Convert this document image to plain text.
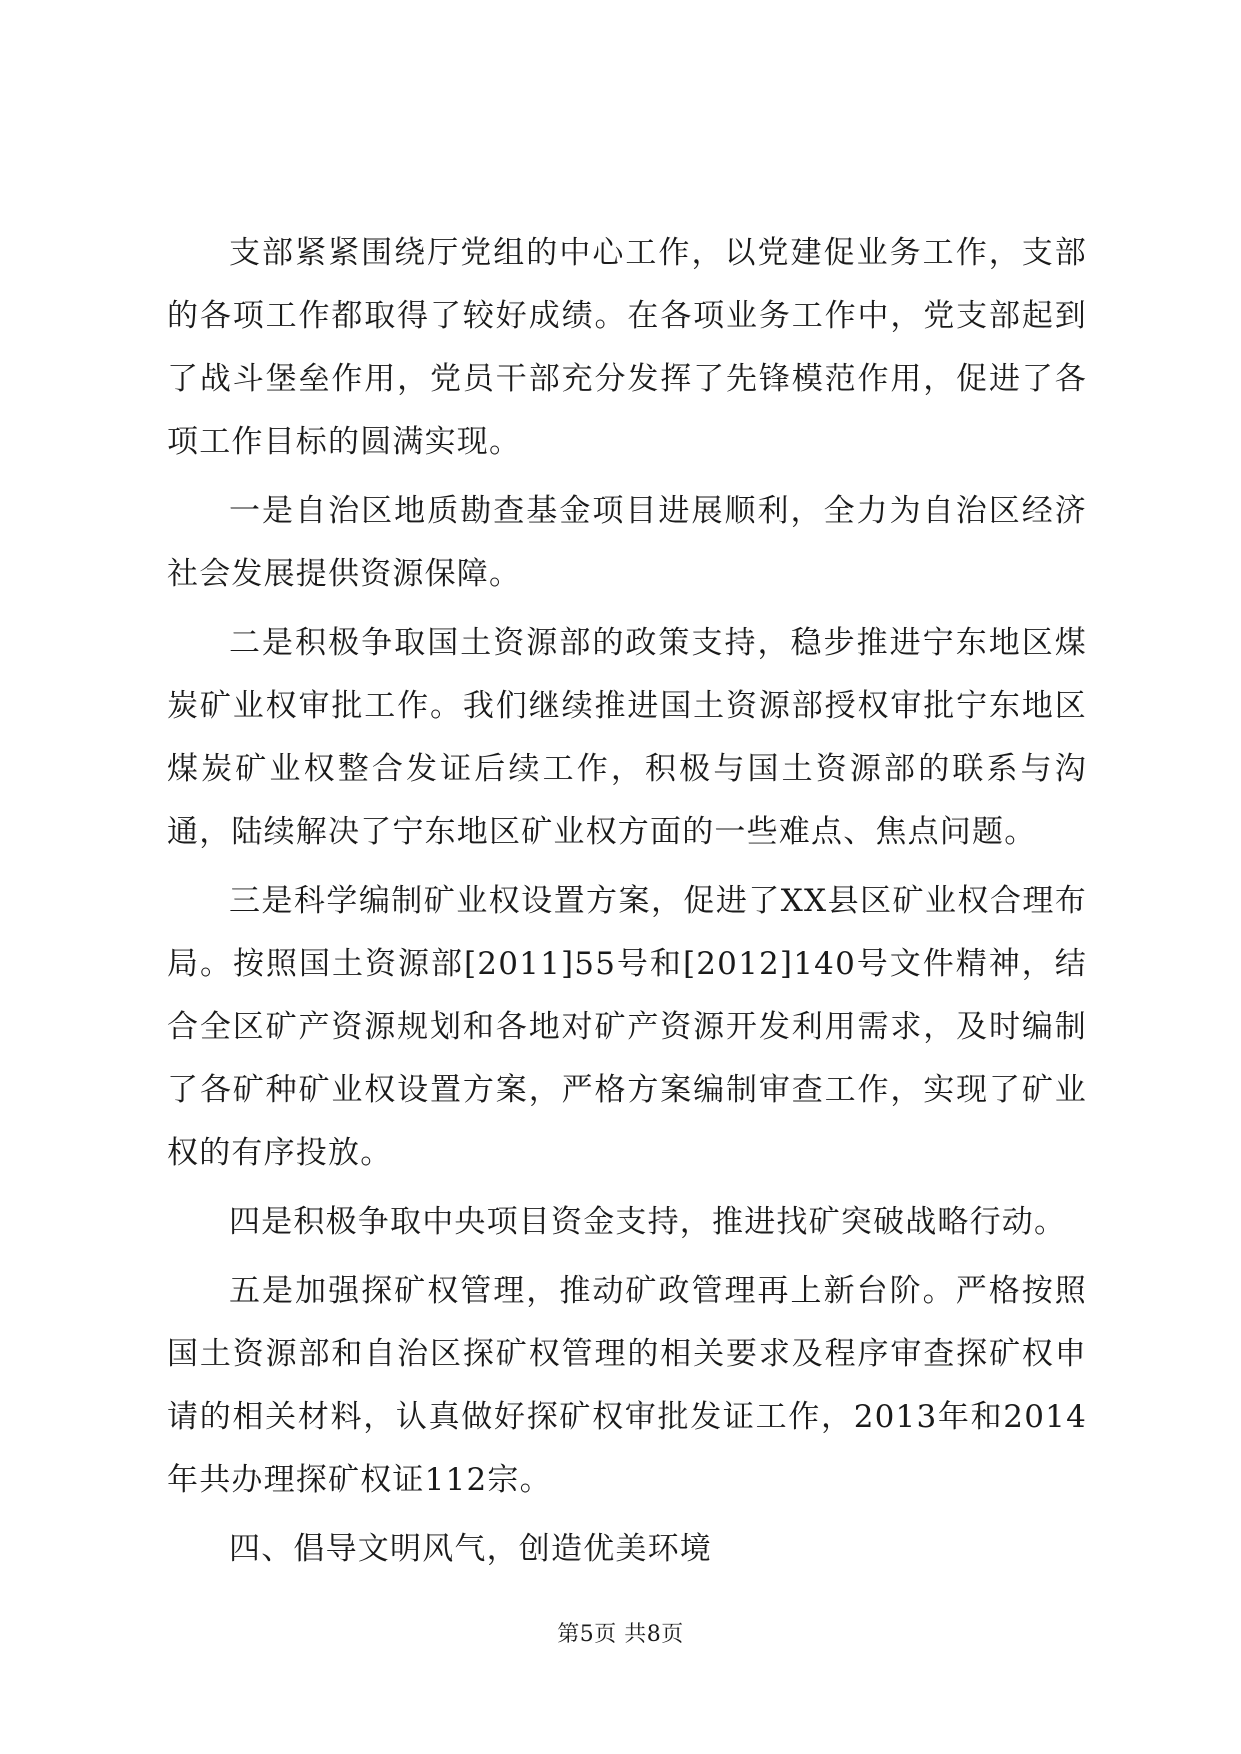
支部紧紧围绕厅党组的中心工作，以党建促业务工作，支部的各项工作都取得了较好成绩。在各项业务工作中，党支部起到了战斗堡垒作用，党员干部充分发挥了先锋模范作用，促进了各项工作目标的圆满实现。

一是自治区地质勘查基金项目进展顺利，全力为自治区经济社会发展提供资源保障。

二是积极争取国土资源部的政策支持，稳步推进宁东地区煤炭矿业权审批工作。我们继续推进国土资源部授权审批宁东地区煤炭矿业权整合发证后续工作，积极与国土资源部的联系与沟通，陆续解决了宁东地区矿业权方面的一些难点、焦点问题。

三是科学编制矿业权设置方案，促进了XX县区矿业权合理布局。按照国土资源部[2011]55号和[2012]140号文件精神，结合全区矿产资源规划和各地对矿产资源开发利用需求，及时编制了各矿种矿业权设置方案，严格方案编制审查工作，实现了矿业权的有序投放。

四是积极争取中央项目资金支持，推进找矿突破战略行动。

五是加强探矿权管理，推动矿政管理再上新台阶。严格按照国土资源部和自治区探矿权管理的相关要求及程序审查探矿权申请的相关材料，认真做好探矿权审批发证工作，2013年和2014年共办理探矿权证112宗。

四、倡导文明风气，创造优美环境

第5页 共8页
